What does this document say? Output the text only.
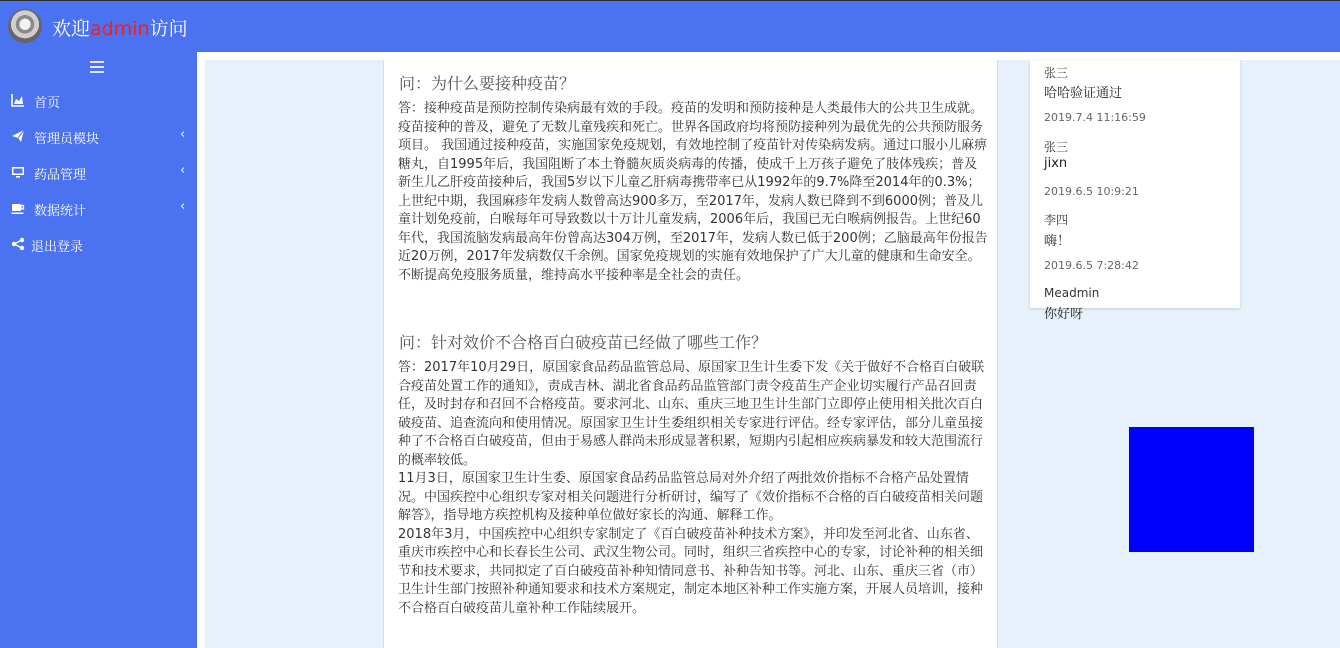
欢迎admin访问
首页
管理员模块	‹
药品管理	‹
数据统计	‹
退出登录
问：为什么要接种疫苗？

答：接种疫苗是预防控制传染病最有效的手段。疫苗的发明和预防接种是人类最伟大的公共卫生成就。疫苗接种的普及，避免了无数儿童残疾和死亡。世界各国政府均将预防接种列为最优先的公共预防服务项目。 我国通过接种疫苗，实施国家免疫规划，有效地控制了疫苗针对传染病发病。通过口服小儿麻痹糖丸，自1995年后，我国阻断了本土脊髓灰质炎病毒的传播，使成千上万孩子避免了肢体残疾；普及新生儿乙肝疫苗接种后，我国5岁以下儿童乙肝病毒携带率已从1992年的9.7%降至2014年的0.3%；上世纪中期，我国麻疹年发病人数曾高达900多万，至2017年，发病人数已降到不到6000例；普及儿童计划免疫前，白喉每年可导致数以十万计儿童发病，2006年后，我国已无白喉病例报告。上世纪60年代，我国流脑发病最高年份曾高达304万例，至2017年，发病人数已低于200例；乙脑最高年份报告近20万例，2017年发病数仅千余例。国家免疫规划的实施有效地保护了广大儿童的健康和生命安全。不断提高免疫服务质量，维持高水平接种率是全社会的责任。

问：针对效价不合格百白破疫苗已经做了哪些工作？

答：2017年10月29日，原国家食品药品监管总局、原国家卫生计生委下发《关于做好不合格百白破联合疫苗处置工作的通知》，责成吉林、湖北省食品药品监管部门责令疫苗生产企业切实履行产品召回责任，及时封存和召回不合格疫苗。要求河北、山东、重庆三地卫生计生部门立即停止使用相关批次百白破疫苗、追查流向和使用情况。原国家卫生计生委组织相关专家进行评估。经专家评估，部分儿童虽接种了不合格百白破疫苗，但由于易感人群尚未形成显著积累，短期内引起相应疾病暴发和较大范围流行的概率较低。

11月3日，原国家卫生计生委、原国家食品药品监管总局对外介绍了两批效价指标不合格产品处置情况。中国疾控中心组织专家对相关问题进行分析研讨，编写了《效价指标不合格的百白破疫苗相关问题解答》，指导地方疾控机构及接种单位做好家长的沟通、解释工作。

2018年3月，中国疾控中心组织专家制定了《百白破疫苗补种技术方案》，并印发至河北省、山东省、重庆市疾控中心和长春长生公司、武汉生物公司。同时，组织三省疾控中心的专家，讨论补种的相关细节和技术要求，共同拟定了百白破疫苗补种知情同意书、补种告知书等。河北、山东、重庆三省（市）卫生计生部门按照补种通知要求和技术方案规定，制定本地区补种工作实施方案，开展人员培训，接种不合格百白破疫苗儿童补种工作陆续展开。

张三
哈哈验证通过
2019.7.4 11:16:59
张三
jixn
2019.6.5 10:9:21
李四
嗨！
2019.6.5 7:28:42
Meadmin
你好呀
